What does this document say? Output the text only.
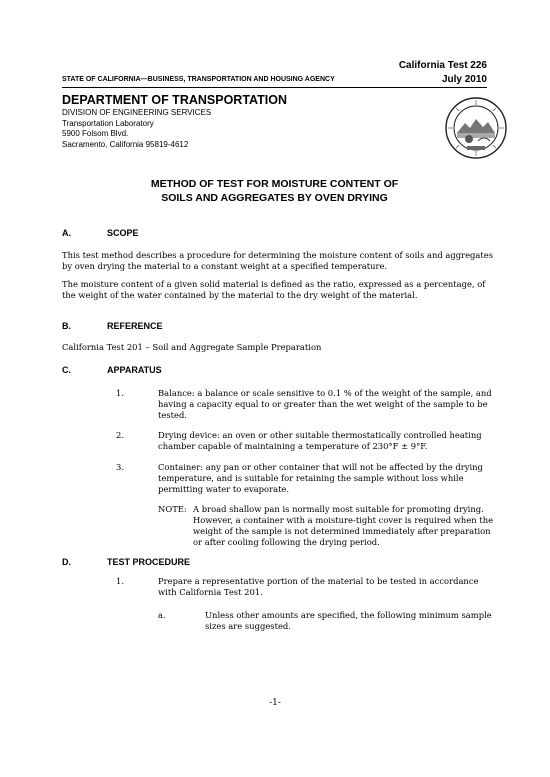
California Test 226
STATE OF CALIFORNIA—BUSINESS, TRANSPORTATION AND HOUSING AGENCY	July 2010
DEPARTMENT OF TRANSPORTATION
DIVISION OF ENGINEERING SERVICES
Transportation Laboratory
5900 Folsom Blvd.
Sacramento, California 95819-4612
METHOD OF TEST FOR MOISTURE CONTENT OF
SOILS AND AGGREGATES BY OVEN DRYING
A.	SCOPE
This test method describes a procedure for determining the moisture content of soils and aggregates by oven drying the material to a constant weight at a specified temperature.
The moisture content of a given solid material is defined as the ratio, expressed as a percentage, of the weight of the water contained by the material to the dry weight of the material.
B.	REFERENCE
California Test 201 – Soil and Aggregate Sample Preparation
C.	APPARATUS
1.	Balance: a balance or scale sensitive to 0.1 % of the weight of the sample, and having a capacity equal to or greater than the wet weight of the sample to be tested.
2.	Drying device: an oven or other suitable thermostatically controlled heating chamber capable of maintaining a temperature of 230°F ± 9°F.
3.	Container: any pan or other container that will not be affected by the drying temperature, and is suitable for retaining the sample without loss while permitting water to evaporate.
NOTE: A broad shallow pan is normally most suitable for promoting drying. However, a container with a moisture-tight cover is required when the weight of the sample is not determined immediately after preparation or after cooling following the drying period.
D.	TEST PROCEDURE
1.	Prepare a representative portion of the material to be tested in accordance with California Test 201.
a.	Unless other amounts are specified, the following minimum sample sizes are suggested.
-1-
